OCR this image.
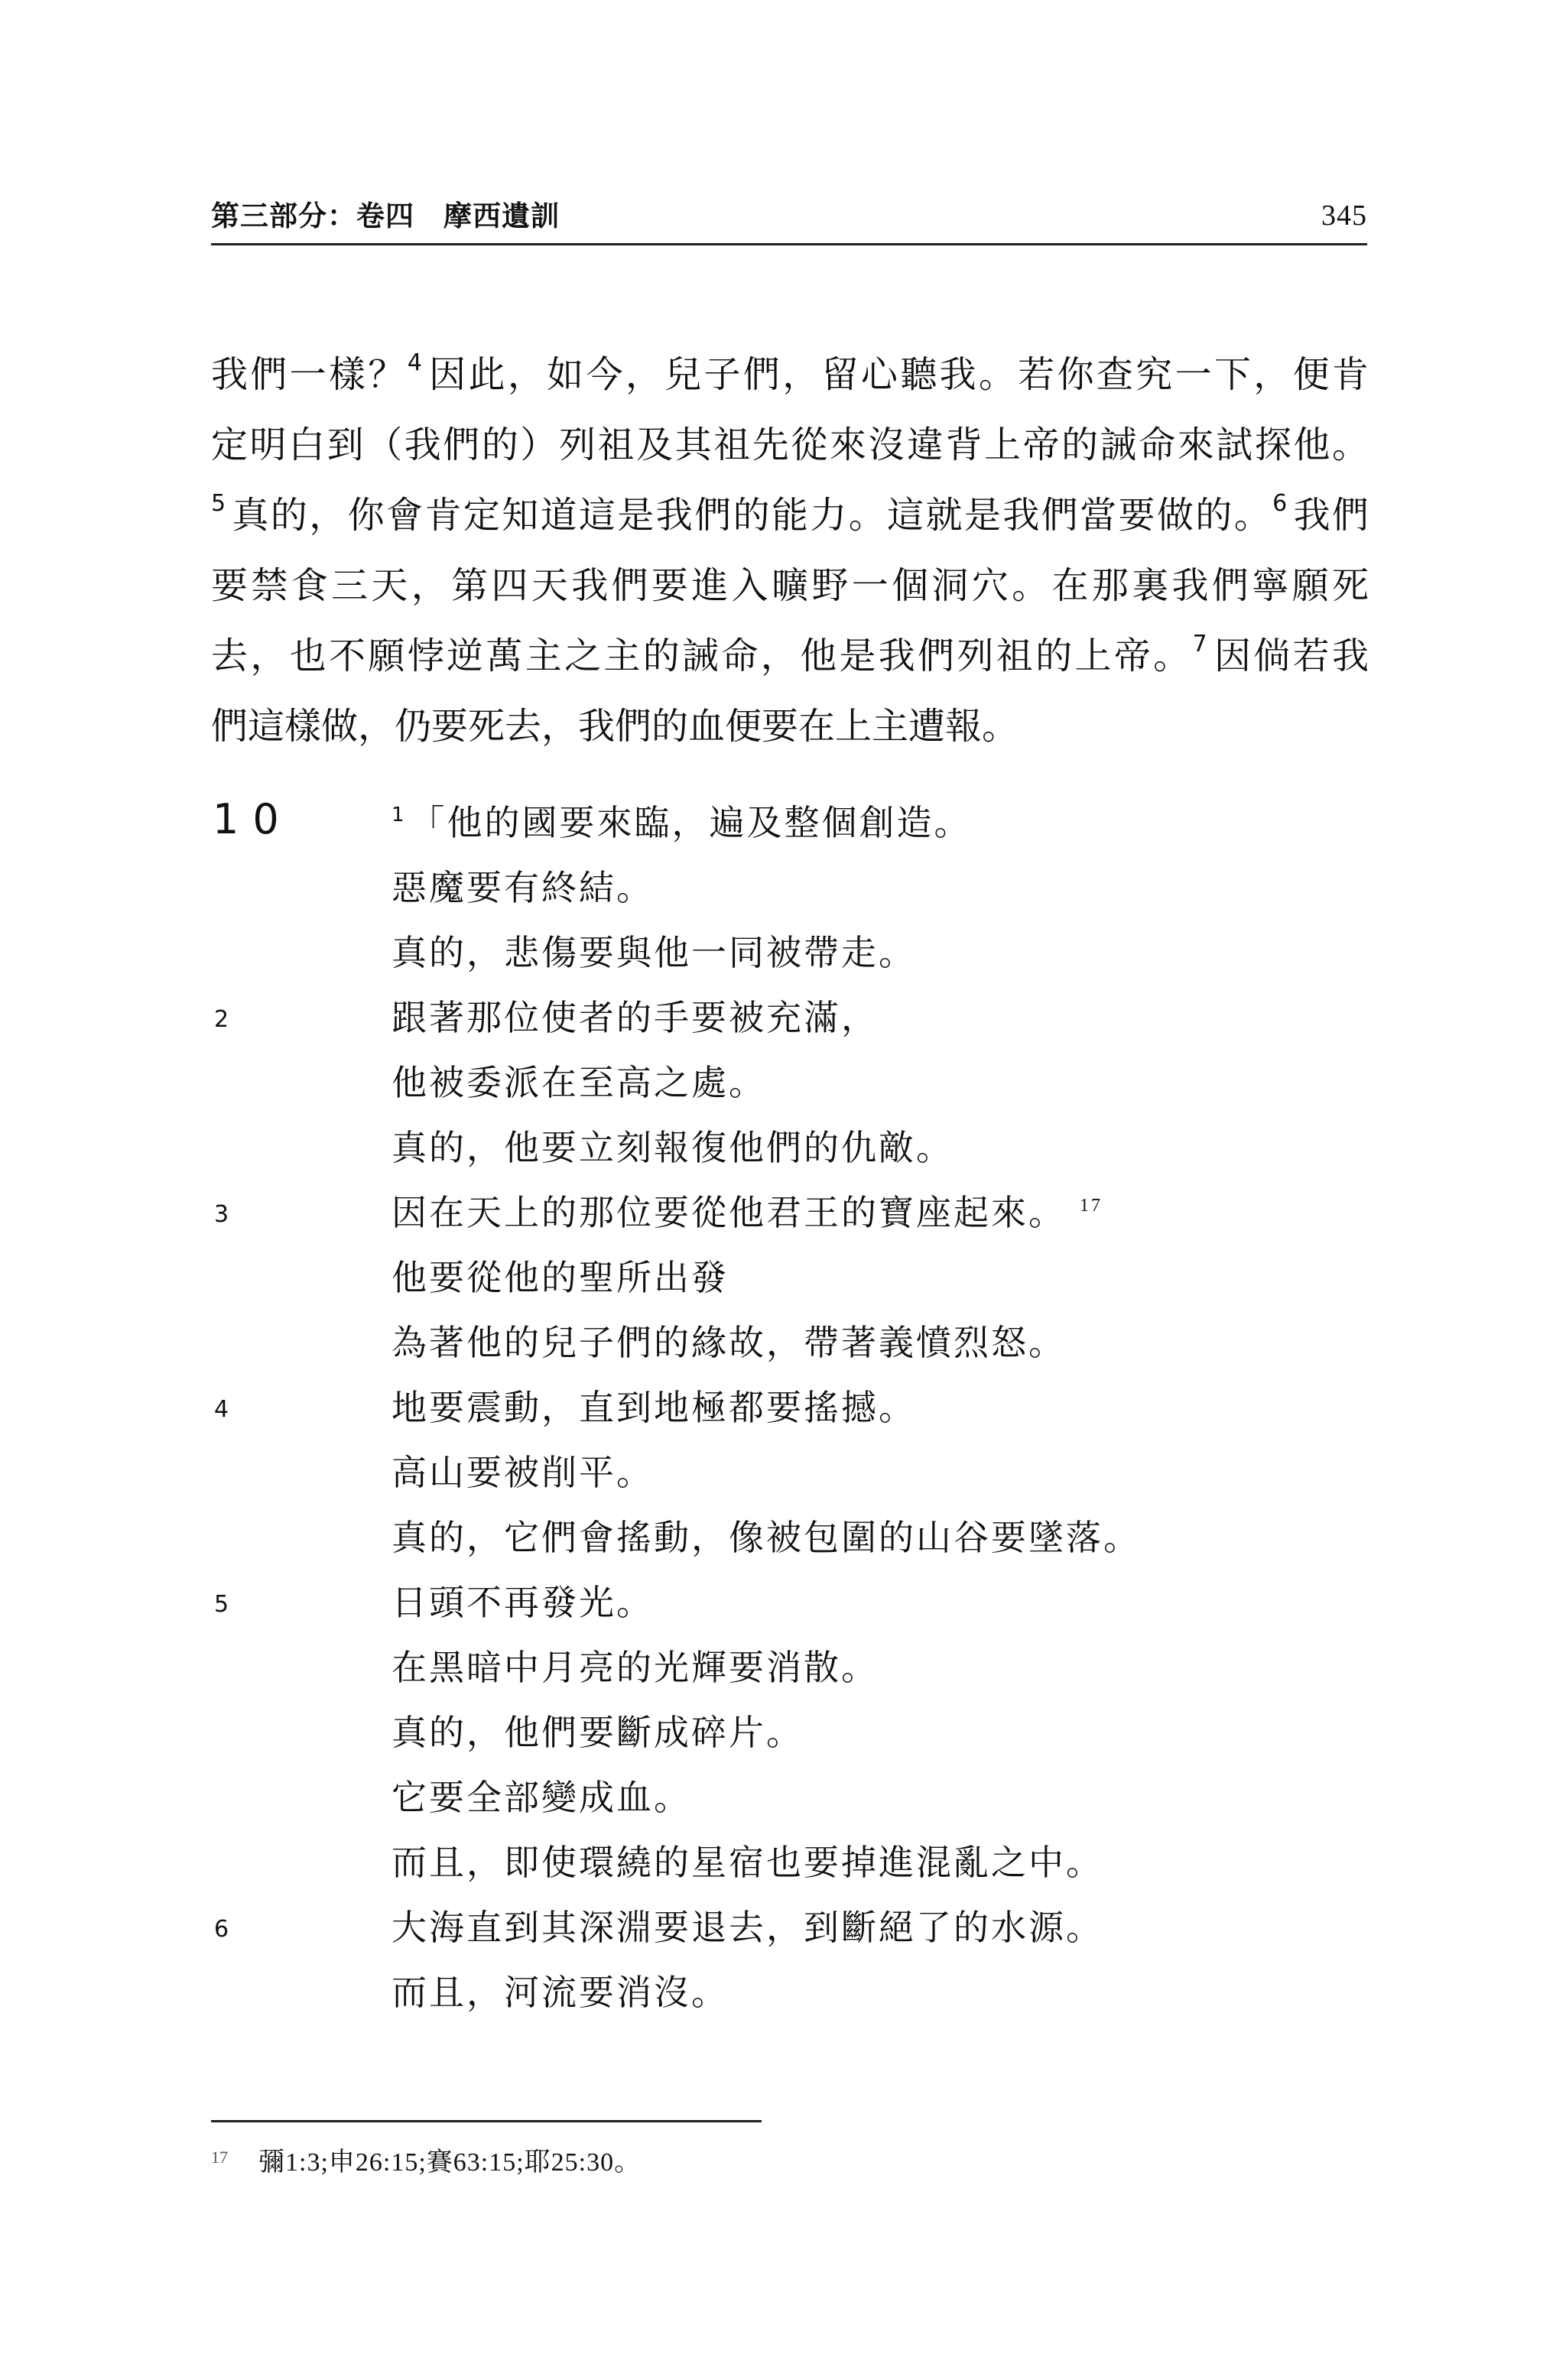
第三部分：卷四　摩西遺訓	345
我們一樣？$^4$ 因此，如今，兒子們，留心聽我。若你查究一下，便肯
定明白到（我們的）列祖及其祖先從來沒違背上帝的誡命來試探他。
$^5$ 真的，你會肯定知道這是我們的能力。這就是我們當要做的。$^6$ 我們
要禁食三天，第四天我們要進入曠野一個洞穴。在那裏我們寧願死
去，也不願悖逆萬主之主的誡命，他是我們列祖的上帝。$^7$ 因倘若我
們這樣做，仍要死去，我們的血便要在上主遭報。
10	$^1$「他的國要來臨，遍及整個創造。
惡魔要有終結。
真的，悲傷要與他一同被帶走。
2	跟著那位使者的手要被充滿，
他被委派在至高之處。
真的，他要立刻報復他們的仇敵。
3	因在天上的那位要從他君王的寶座起來。 $^{17}$
他要從他的聖所出發
為著他的兒子們的緣故，帶著義憤烈怒。
4	地要震動，直到地極都要搖撼。
高山要被削平。
真的，它們會搖動，像被包圍的山谷要墜落。
5	日頭不再發光。
在黑暗中月亮的光輝要消散。
真的，他們要斷成碎片。
它要全部變成血。
而且，即使環繞的星宿也要掉進混亂之中。
6	大海直到其深淵要退去，到斷絕了的水源。
而且，河流要消沒。
$^{17}$ 彌1:3;申26:15;賽63:15;耶25:30。
